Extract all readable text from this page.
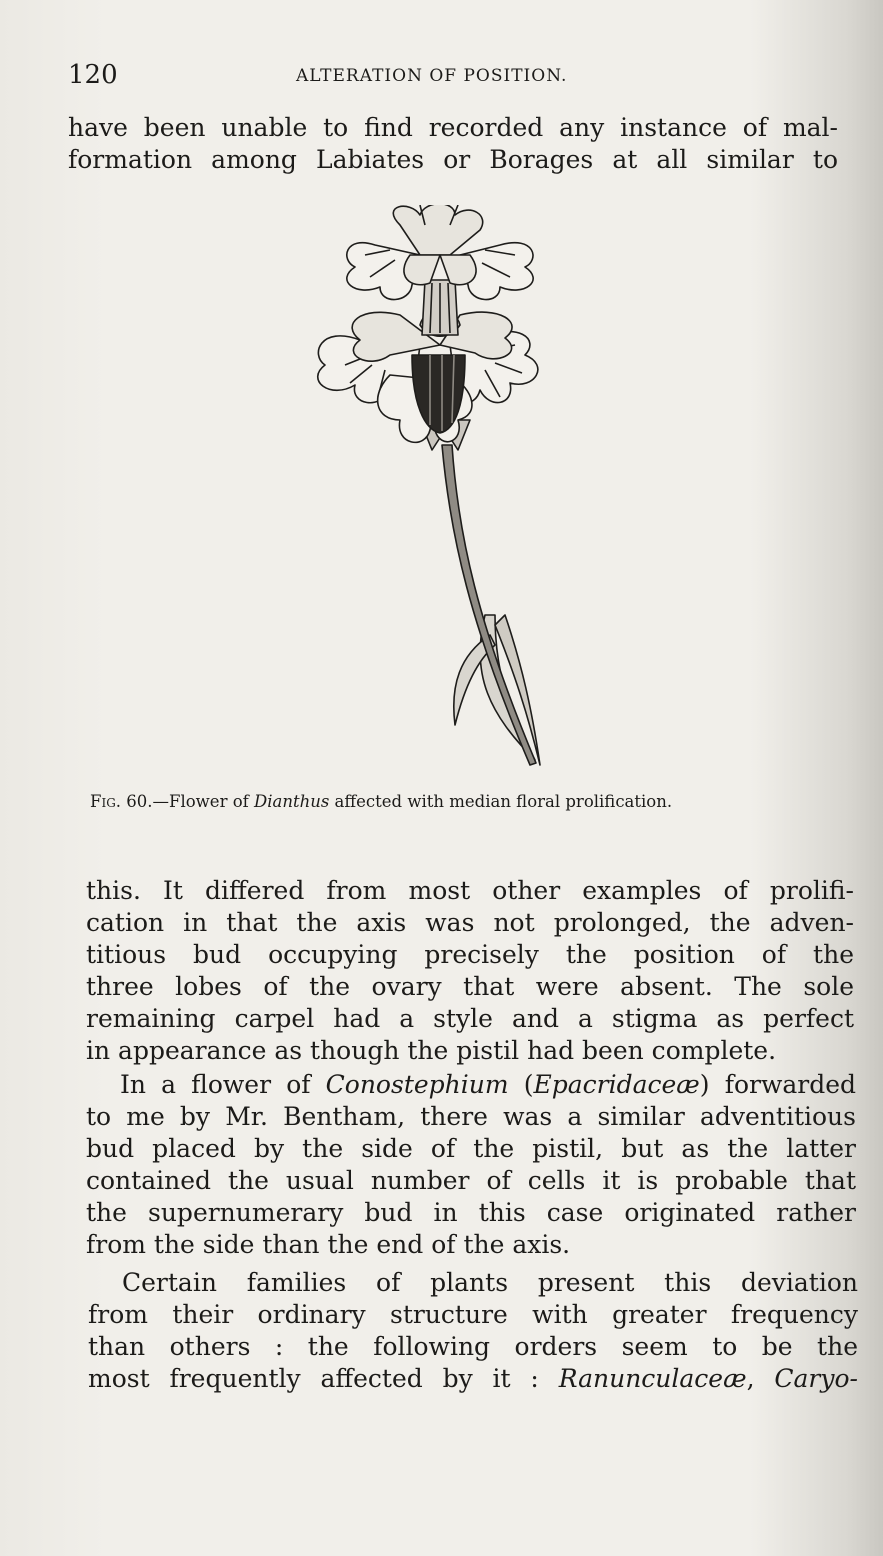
120	ALTERATION OF POSITION.

have been unable to find recorded any instance of mal-
formation among Labiates or Borages at all similar to

Fig. 60.—Flower of Dianthus affected with median floral prolification.

this. It differed from most other examples of prolifi-
cation in that the axis was not prolonged, the adven-
titious bud occupying precisely the position of the
three lobes of the ovary that were absent. The sole
remaining carpel had a style and a stigma as perfect
in appearance as though the pistil had been complete.

In a flower of Conostephium (Epacridaceæ) forwarded
to me by Mr. Bentham, there was a similar adventitious
bud placed by the side of the pistil, but as the latter
contained the usual number of cells it is probable that
the supernumerary bud in this case originated rather
from the side than the end of the axis.

Certain families of plants present this deviation
from their ordinary structure with greater frequency
than others : the following orders seem to be the
most frequently affected by it : Ranunculaceæ, Caryo-
